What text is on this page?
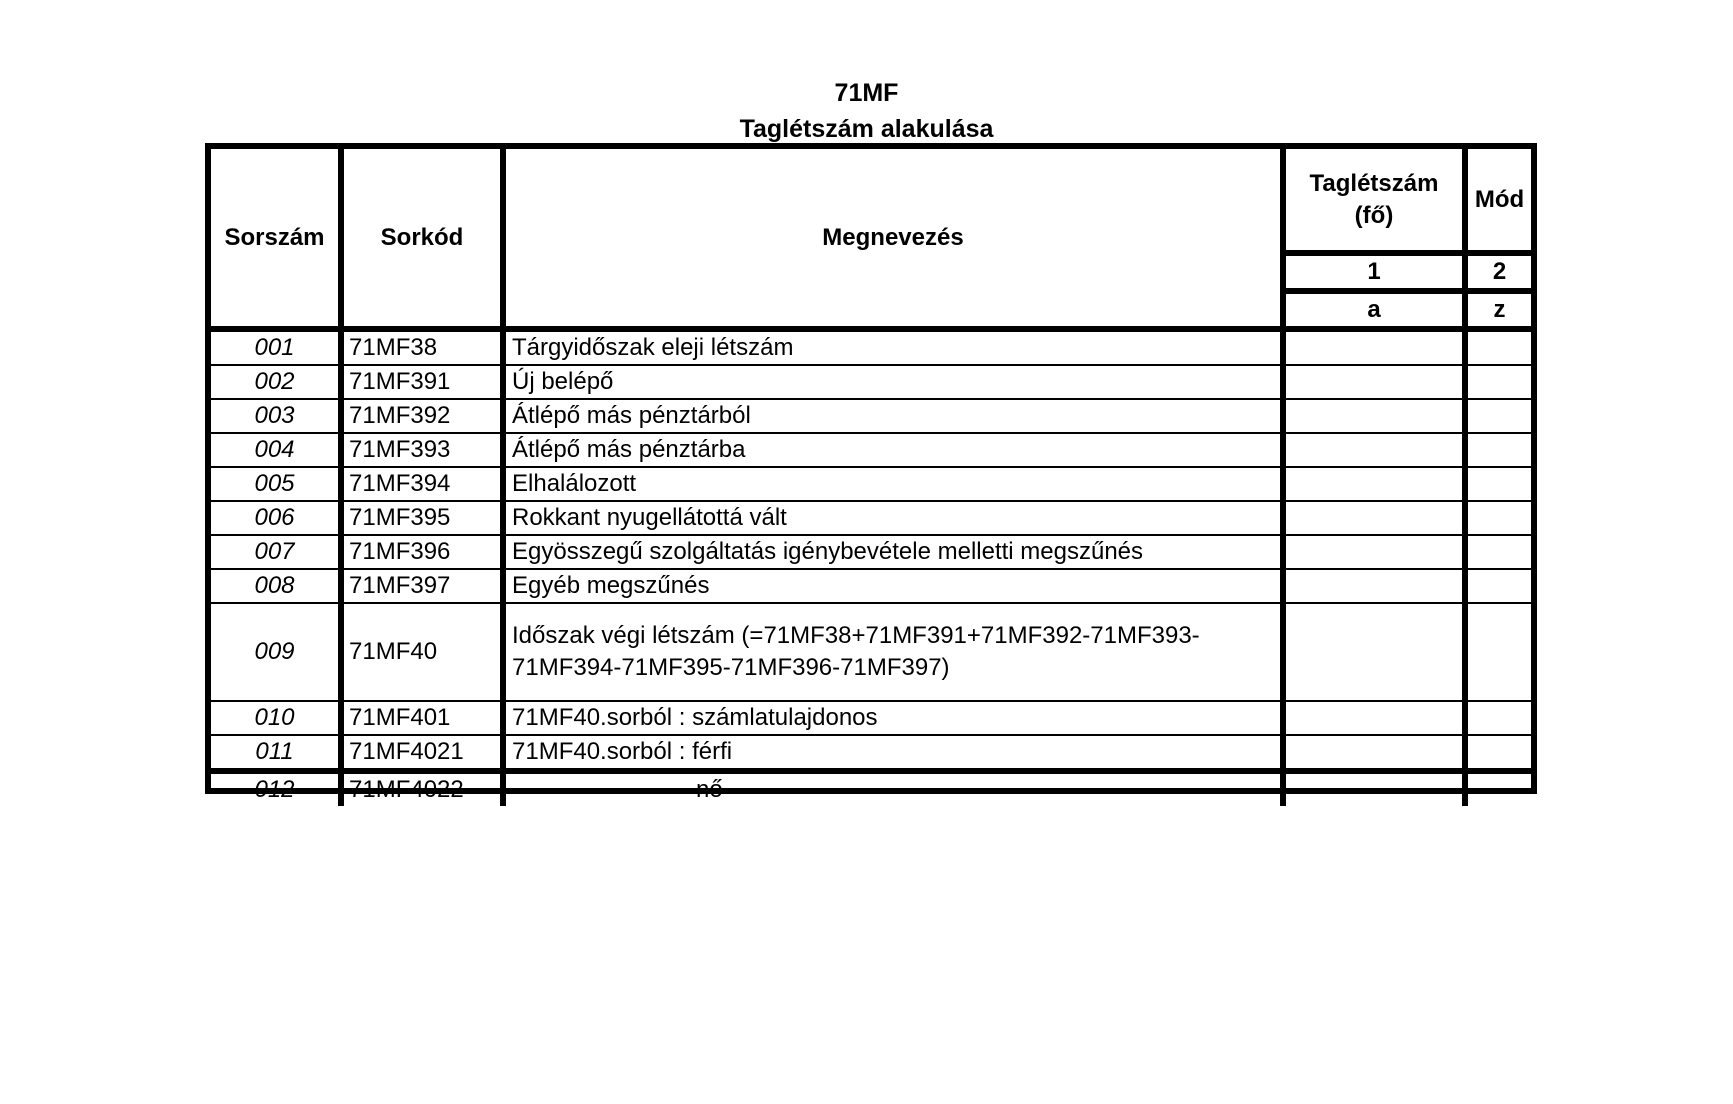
71MF
Taglétszám alakulása
Sorszám	Sorkód	Megnevezés	Taglétszám (fő)	Mód
			1	2
			a	z
001	71MF38	Tárgyidőszak eleji létszám		
002	71MF391	Új belépő		
003	71MF392	Átlépő más pénztárból		
004	71MF393	Átlépő más pénztárba		
005	71MF394	Elhalálozott		
006	71MF395	Rokkant nyugellátottá vált		
007	71MF396	Egyösszegű szolgáltatás igénybevétele melletti megszűnés		
008	71MF397	Egyéb megszűnés		
009	71MF40	Időszak végi létszám (=71MF38+71MF391+71MF392-71MF393-71MF394-71MF395-71MF396-71MF397)		
010	71MF401	71MF40.sorból : számlatulajdonos		
011	71MF4021	71MF40.sorból : férfi		
012	71MF4022	nő		
